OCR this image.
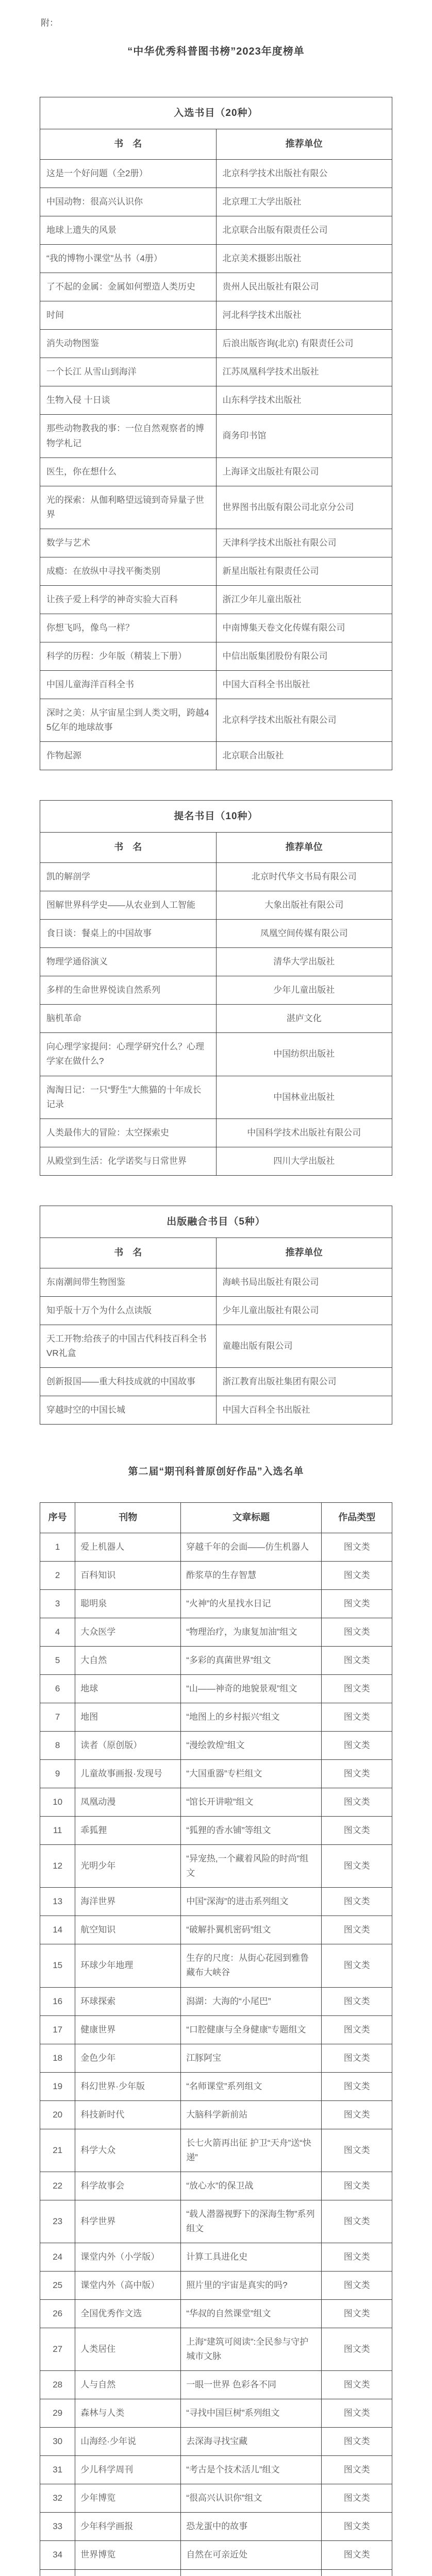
附：
“中华优秀科普图书榜”2023年度榜单
入选书目（20种）	
书　名	推荐单位
这是一个好问题（全2册）	北京科学技术出版社有限公
中国动物：很高兴认识你	北京理工大学出版社
地球上遗失的风景	北京联合出版有限责任公司
“我的博物小课堂”丛书（4册）	北京美术摄影出版社
了不起的金属：金属如何塑造人类历史	贵州人民出版社有限公司
时间	河北科学技术出版社
消失动物图鉴	后浪出版咨询(北京) 有限责任公司
一个长江 从雪山到海洋	江苏凤凰科学技术出版社
生物入侵 十日谈	山东科学技术出版社
那些动物教我的事：一位自然观察者的博物学札记	商务印书馆
医生，你在想什么	上海译文出版社有限公司
光的探索：从伽利略望远镜到奇异量子世界	世界图书出版有限公司北京分公司
数学与艺术	天津科学技术出版社有限公司
成瘾：在放纵中寻找平衡类别	新星出版社有限责任公司
让孩子爱上科学的神奇实验大百科	浙江少年儿童出版社
你想飞吗，像鸟一样？	中南博集天卷文化传媒有限公司
科学的历程：少年版（精装上下册）	中信出版集团股份有限公司
中国儿童海洋百科全书	中国大百科全书出版社
深时之美：从宇宙星尘到人类文明，跨越45亿年的地球故事	北京科学技术出版社有限公司
作物起源	北京联合出版社
提名书目（10种）	
书　名	推荐单位
凯的解剖学	北京时代华文书局有限公司
图解世界科学史——从农业到人工智能	大象出版社有限公司
食日谈：餐桌上的中国故事	凤凰空间传媒有限公司
物理学通俗演义	清华大学出版社
多样的生命世界悦读自然系列	少年儿童出版社
脑机革命	湛庐文化
向心理学家提问：心理学研究什么？心理学家在做什么?	中国纺织出版社
淘淘日记：一只“野生”大熊猫的十年成长记录	中国林业出版社
人类最伟大的冒险：太空探索史	中国科学技术出版社有限公司
从殿堂到生活：化学诺奖与日常世界	四川大学出版社
出版融合书目（5种）	
书　名	推荐单位
东南潮间带生物图鉴	海峡书局出版社有限公司
知乎版十万个为什么点读版	少年儿童出版社有限公司
天工开物:给孩子的中国古代科技百科全书VR礼盒	童趣出版有限公司
创新报国——重大科技成就的中国故事	浙江教育出版社集团有限公司
穿越时空的中国长城	中国大百科全书出版社
第二届“期刊科普原创好作品”入选名单
序号	刊物	文章标题	作品类型
1	爱上机器人	穿越千年的会面——仿生机器人	图文类
2	百科知识	酢浆草的生存智慧	图文类
3	聪明泉	“火神”的火星找水日记	图文类
4	大众医学	“物理治疗，为康复加油”组文	图文类
5	大自然	“多彩的真菌世界”组文	图文类
6	地球	“山——神奇的地貌景观”组文	图文类
7	地图	“地图上的乡村振兴”组文	图文类
8	读者（原创版）	“漫绘敦煌”组文	图文类
9	儿童故事画报·发现号	“大国重器”专栏组文	图文类
10	凤凰动漫	“馆长开讲啦”组文	图文类
11	乖狐狸	“狐狸的香水铺”等组文	图文类
12	光明少年	“异宠热,一个藏着风险的时尚”组文	图文类
13	海洋世界	中国“深海”的进击系列组文	图文类
14	航空知识	“破解扑翼机密码”组文	图文类
15	环球少年地理	生存的尺度：从街心花园到雅鲁藏布大峡谷	图文类
16	环球探索	潟湖：大海的“小尾巴”	图文类
17	健康世界	“口腔健康与全身健康”专题组文	图文类
18	金色少年	江豚阿宝	图文类
19	科幻世界·少年版	“名师课堂”系列组文	图文类
20	科技新时代	大脑科学新前站	图文类
21	科学大众	长七火箭再出征 护卫“天舟”送“快递”	图文类
22	科学故事会	“放心水”的保卫战	图文类
23	科学世界	“载人潜器视野下的深海生物”系列组文	图文类
24	课堂内外（小学版）	计算工具进化史	图文类
25	课堂内外（高中版）	照片里的宇宙是真实的吗?	图文类
26	全国优秀作文选	“华叔的自然课堂”组文	图文类
27	人类居住	上海“建筑可阅读”:全民参与守护城市文脉	图文类
28	人与自然	一眼一世界 色彩各不同	图文类
29	森林与人类	“寻找中国巨树”系列组文	图文类
30	山海经·少年说	去深海寻找宝藏	图文类
31	少儿科学周刊	“考古是个技术活儿”组文	图文类
32	少年博览	“很高兴认识你”组文	图文类
33	少年科学画报	恐龙蛋中的故事	图文类
34	世界博览	自然在可亲近处	图文类
